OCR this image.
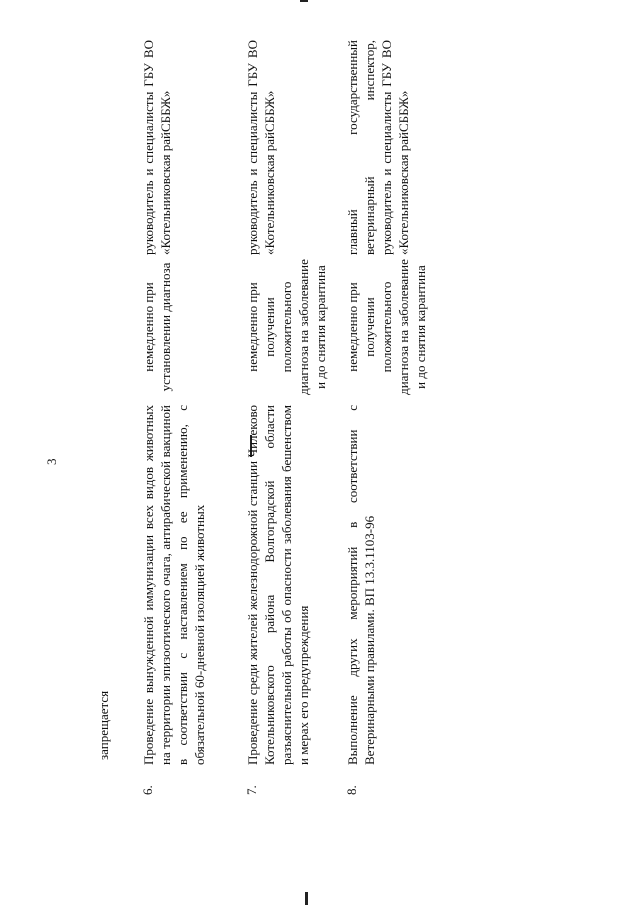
3
запрещается
6.
Проведение вынужденной иммунизации всех видов животных на территории эпизоотического очага, антирабической вакциной в соответствии с наставлением по ее применению, с обязательной 60-дневной изоляцией животных
немедленно при установлении диагноза
руководитель и специалисты ГБУ ВО «Котельниковская райСББЖ»
7.
Проведение среди жителей железнодорожной станции Чилеково Котельниковского района Волгоградской области разъяснительной работы об опасности заболевания бешенством и мерах его предупреждения
немедленно при получении положительного диагноза на заболевание и до снятия карантина
руководитель и специалисты ГБУ ВО «Котельниковская райСББЖ»
8.
Выполнение других мероприятий в соответствии с Ветеринарными правилами. ВП 13.3.1103-96
немедленно при получении положительного диагноза на заболевание и до снятия карантина
главный государственный ветеринарный инспектор, руководитель и специалисты ГБУ ВО «Котельниковская райСББЖ»
